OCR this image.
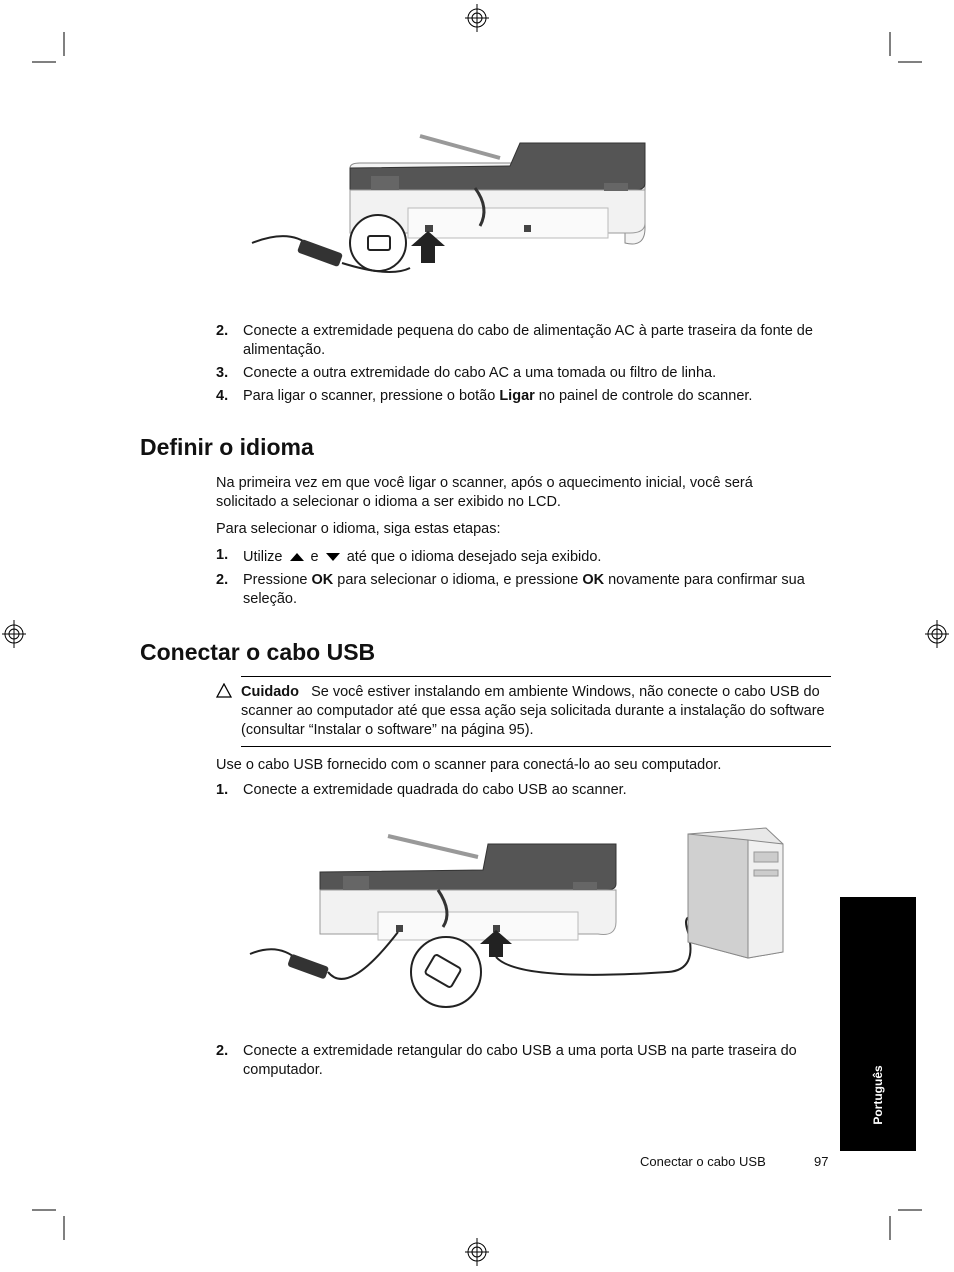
2. Conecte a extremidade pequena do cabo de alimentação AC à parte traseira da fonte de alimentação.
3. Conecte a outra extremidade do cabo AC a uma tomada ou filtro de linha.
4. Para ligar o scanner, pressione o botão Ligar no painel de controle do scanner.
Definir o idioma
Na primeira vez em que você ligar o scanner, após o aquecimento inicial, você será solicitado a selecionar o idioma a ser exibido no LCD.
Para selecionar o idioma, siga estas etapas:
1. Utilize e até que o idioma desejado seja exibido.
2. Pressione OK para selecionar o idioma, e pressione OK novamente para confirmar sua seleção.
Conectar o cabo USB
Cuidado Se você estiver instalando em ambiente Windows, não conecte o cabo USB do scanner ao computador até que essa ação seja solicitada durante a instalação do software (consultar “Instalar o software” na página 95).
Use o cabo USB fornecido com o scanner para conectá-lo ao seu computador.
1. Conecte a extremidade quadrada do cabo USB ao scanner.
2. Conecte a extremidade retangular do cabo USB a uma porta USB na parte traseira do computador.	Português
Conectar o cabo USB	97
